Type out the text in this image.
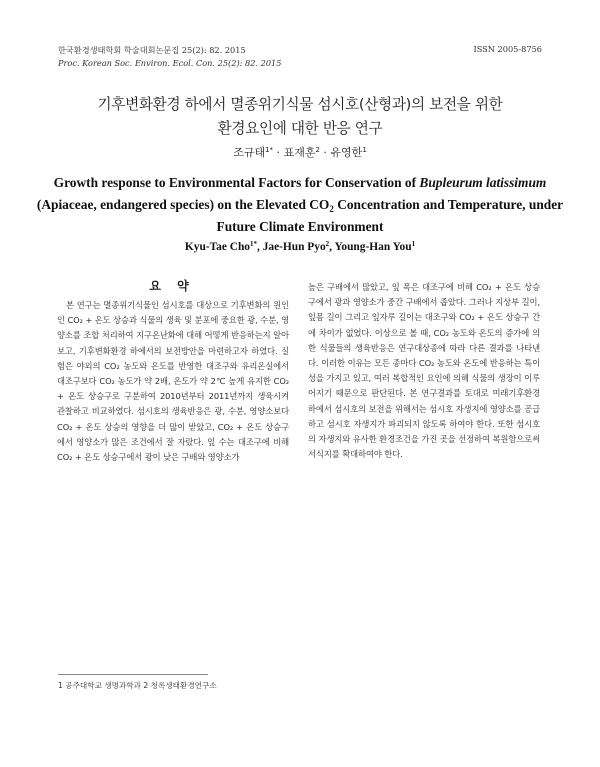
한국환경생태학회 학술대회논문집 25(2): 82. 2015
Proc. Korean Soc. Environ. Ecol. Con. 25(2): 82. 2015
ISSN 2005-8756
기후변화환경 하에서 멸종위기식물 섬시호(산형과)의 보전을 위한
환경요인에 대한 반응 연구
조규태$^{1*}$ · 표재훈$^2$ · 유영한$^1$
Growth response to Environmental Factors for Conservation of Bupleurum latissimum
(Apiaceae, endangered species) on the Elevated $CO_2$ Concentration and Temperature, under
Future Climate Environment
Kyu-Tae Cho$^{1*}$, Jae-Hun Pyo$^2$, Young-Han You$^1$
요 약

본 연구는 멸종위기식물인 섬시호를 대상으로 기후변화의 원인인 CO₂ + 온도 상승과 식물의 생육 및 분포에 중요한 광, 수분, 영양소를 조합 처리하여 지구온난화에 대해 어떻게 반응하는지 알아보고, 기후변화환경 하에서의 보전방안을 마련하고자 하였다. 실험은 야외의 CO₂ 농도와 온도를 반영한 대조구와 유리온실에서 대조구보다 CO₂ 농도가 약 2배, 온도가 약 2℃ 높게 유지한 CO₂ + 온도 상승구로 구분하여 2010년부터 2011년까지 생육시켜 관찰하고 비교하였다. 섬시호의 생육반응은 광, 수분, 영양소보다 CO₂ + 온도 상승의 영향을 더 많이 받았고, CO₂ + 온도 상승구에서 영양소가 많은 조건에서 잘 자랐다. 잎 수는 대조구에 비해 CO₂ + 온도 상승구에서 광이 낮은 구배와 영양소가

높은 구배에서 많았고, 잎 폭은 대조구에 비해 CO₂ + 온도 상승구에서 광과 영양소가 중간 구배에서 좁았다. 그러나 지상부 길이, 잎몸 길이 그리고 잎자루 길이는 대조구와 CO₂ + 온도 상승구 간에 차이가 없었다. 이상으로 볼 때, CO₂ 농도와 온도의 증가에 의한 식물들의 생육반응은 연구대상종에 따라 다른 결과를 나타낸다. 이러한 이유는 모든 종마다 CO₂ 농도와 온도에 반응하는 특이성을 가지고 있고, 여러 복합적인 요인에 의해 식물의 생장이 이루어지기 때문으로 판단된다. 본 연구결과를 토대로 미래기후환경 하에서 섬시호의 보전을 위해서는 섬시호 자생지에 영양소를 공급하고 섬시호 자생지가 파괴되지 않도록 하여야 한다. 또한 섬시호의 자생지와 유사한 환경조건을 가진 곳을 선정하여 복원함으로써 서식지를 확대하여야 한다.

1 공주대학교 생명과학과 2 청록생태환경연구소
